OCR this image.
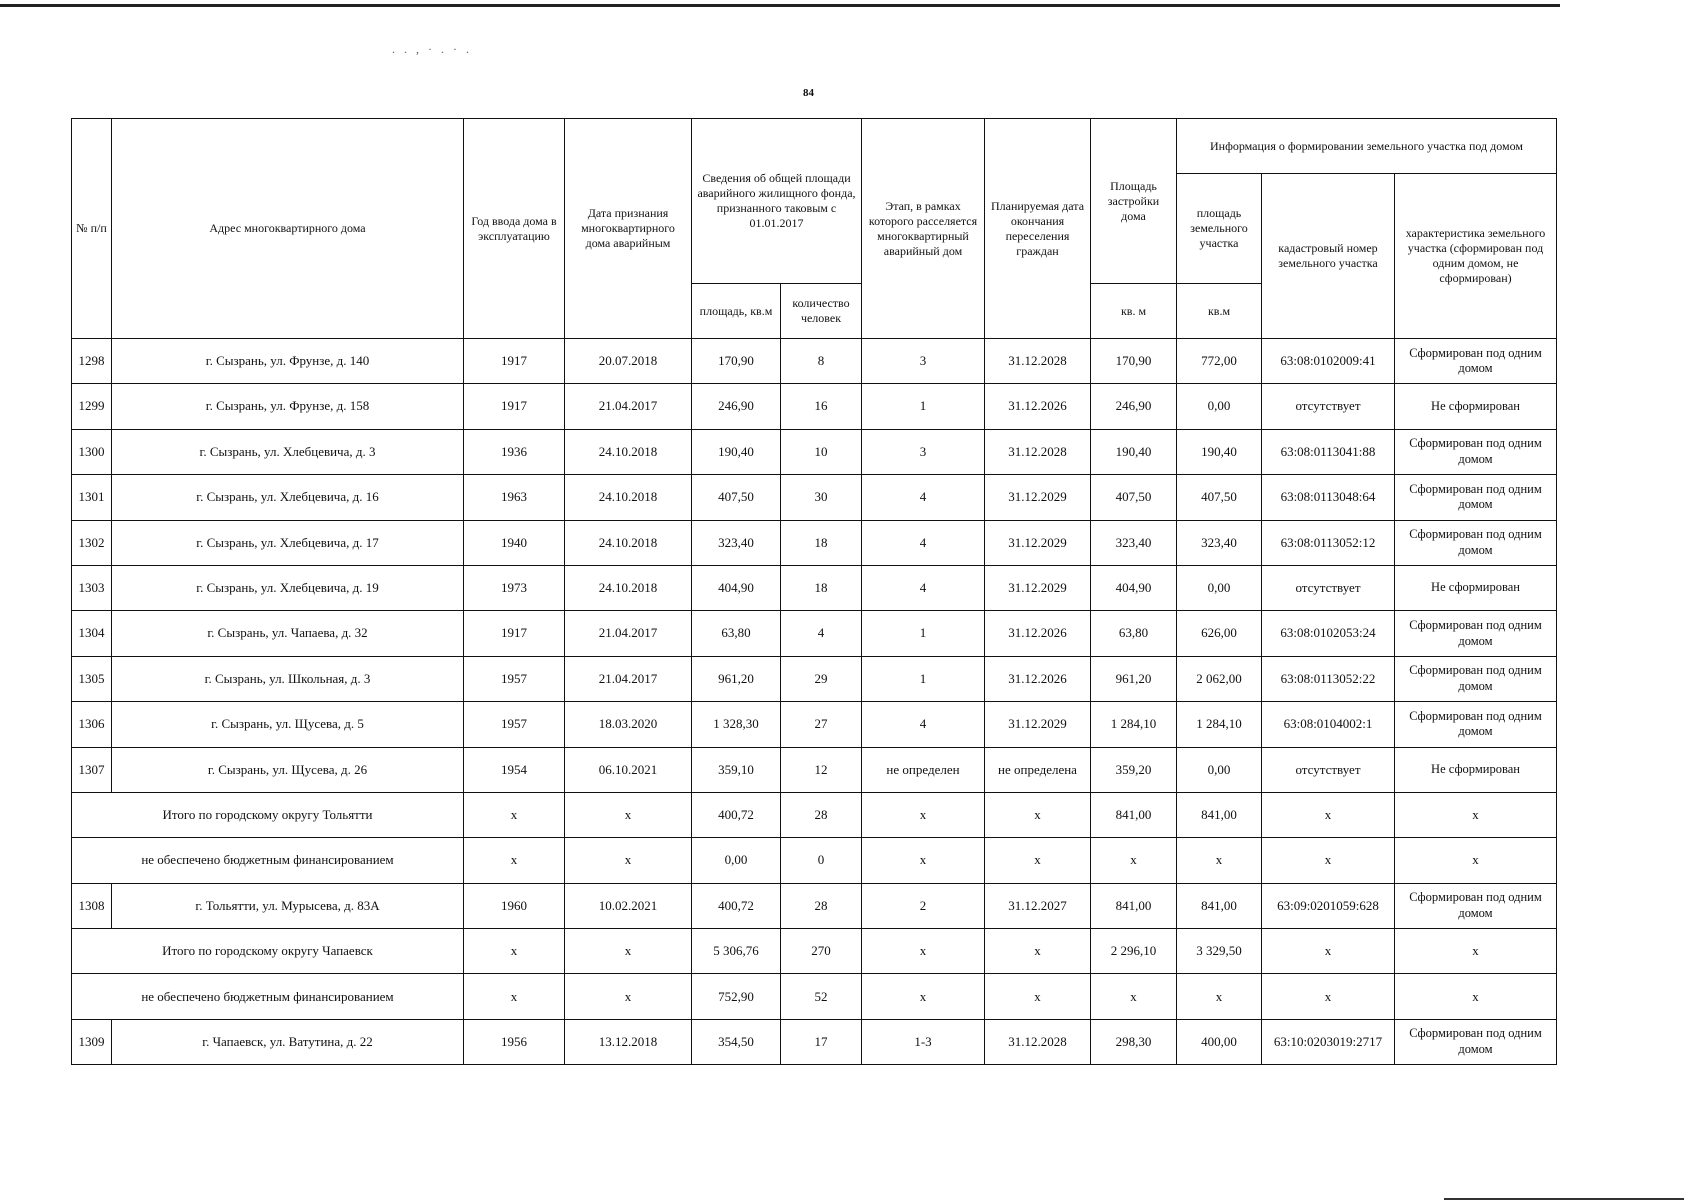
. . , · . · .
84
№ п/п	Адрес многоквартирного дома	Год ввода дома в эксплуатацию	Дата признания многоквартирного дома аварийным	Сведения об общей площади аварийного жилищного фонда, признанного таковым с 01.01.2017		Этап, в рамках которого расселяется многоквартирный аварийный дом	Планируемая дата окончания переселения граждан	Площадь застройки дома	Информация о формировании земельного участка под домом		
									площадь земельного участка	кадастровый номер земельного участка	характеристика земельного участка (сформирован под одним домом, не сформирован)
				площадь, кв.м	количество человек			кв. м	кв.м		
1298	г. Сызрань, ул. Фрунзе, д. 140	1917	20.07.2018	170,90	8	3	31.12.2028	170,90	772,00	63:08:0102009:41	Сформирован под одним домом
1299	г. Сызрань, ул. Фрунзе, д. 158	1917	21.04.2017	246,90	16	1	31.12.2026	246,90	0,00	отсутствует	Не сформирован
1300	г. Сызрань, ул. Хлебцевича, д. 3	1936	24.10.2018	190,40	10	3	31.12.2028	190,40	190,40	63:08:0113041:88	Сформирован под одним домом
1301	г. Сызрань, ул. Хлебцевича, д. 16	1963	24.10.2018	407,50	30	4	31.12.2029	407,50	407,50	63:08:0113048:64	Сформирован под одним домом
1302	г. Сызрань, ул. Хлебцевича, д. 17	1940	24.10.2018	323,40	18	4	31.12.2029	323,40	323,40	63:08:0113052:12	Сформирован под одним домом
1303	г. Сызрань, ул. Хлебцевича, д. 19	1973	24.10.2018	404,90	18	4	31.12.2029	404,90	0,00	отсутствует	Не сформирован
1304	г. Сызрань, ул. Чапаева, д. 32	1917	21.04.2017	63,80	4	1	31.12.2026	63,80	626,00	63:08:0102053:24	Сформирован под одним домом
1305	г. Сызрань, ул. Школьная, д. 3	1957	21.04.2017	961,20	29	1	31.12.2026	961,20	2 062,00	63:08:0113052:22	Сформирован под одним домом
1306	г. Сызрань, ул. Щусева, д. 5	1957	18.03.2020	1 328,30	27	4	31.12.2029	1 284,10	1 284,10	63:08:0104002:1	Сформирован под одним домом
1307	г. Сызрань, ул. Щусева, д. 26	1954	06.10.2021	359,10	12	не определен	не определена	359,20	0,00	отсутствует	Не сформирован
Итого по городскому округу Тольятти		x	x	400,72	28	x	x	841,00	841,00	x	x
не обеспечено бюджетным финансированием		x	x	0,00	0	x	x	x	x	x	x
1308	г. Тольятти, ул. Мурысева, д. 83А	1960	10.02.2021	400,72	28	2	31.12.2027	841,00	841,00	63:09:0201059:628	Сформирован под одним домом
Итого по городскому округу Чапаевск		x	x	5 306,76	270	x	x	2 296,10	3 329,50	x	x
не обеспечено бюджетным финансированием		x	x	752,90	52	x	x	x	x	x	x
1309	г. Чапаевск, ул. Ватутина, д. 22	1956	13.12.2018	354,50	17	1-3	31.12.2028	298,30	400,00	63:10:0203019:2717	Сформирован под одним домом
